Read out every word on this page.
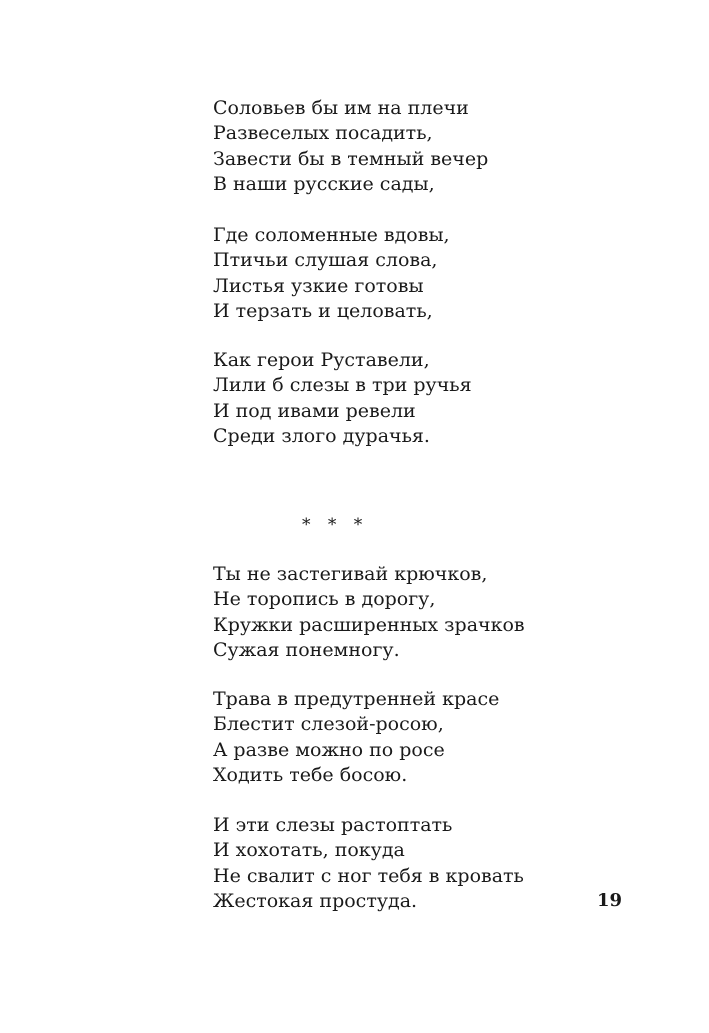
Соловьев бы им на плечи
Развеселых посадить,
Завести бы в темный вечер
В наши русские сады,
Где соломенные вдовы,
Птичьи слушая слова,
Листья узкие готовы
И терзать и целовать,
Как герои Руставели,
Лили б слезы в три ручья
И под ивами ревели
Среди злого дурачья.
* * *
Ты не застегивай крючков,
Не торопись в дорогу,
Кружки расширенных зрачков
Сужая понемногу.
Трава в предутренней красе
Блестит слезой-росою,
А разве можно по росе
Ходить тебе босою.
И эти слезы растоптать
И хохотать, покуда
Не свалит с ног тебя в кровать
Жестокая простуда.	19
